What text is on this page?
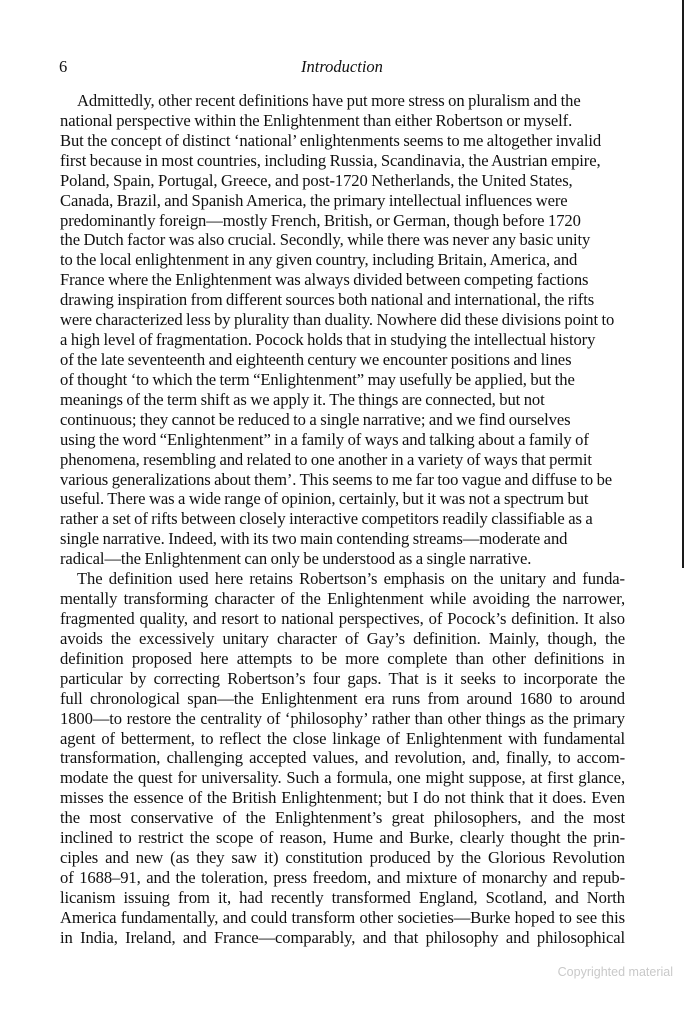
6	Introduction

Admittedly, other recent definitions have put more stress on pluralism and the
national perspective within the Enlightenment than either Robertson or myself.
But the concept of distinct ‘national’ enlightenments seems to me altogether invalid
first because in most countries, including Russia, Scandinavia, the Austrian empire,
Poland, Spain, Portugal, Greece, and post-1720 Netherlands, the United States,
Canada, Brazil, and Spanish America, the primary intellectual influences were
predominantly foreign—mostly French, British, or German, though before 1720
the Dutch factor was also crucial. Secondly, while there was never any basic unity
to the local enlightenment in any given country, including Britain, America, and
France where the Enlightenment was always divided between competing factions
drawing inspiration from different sources both national and international, the rifts
were characterized less by plurality than duality. Nowhere did these divisions point to
a high level of fragmentation. Pocock holds that in studying the intellectual history
of the late seventeenth and eighteenth century we encounter positions and lines
of thought ‘to which the term “Enlightenment” may usefully be applied, but the
meanings of the term shift as we apply it. The things are connected, but not
continuous; they cannot be reduced to a single narrative; and we find ourselves
using the word “Enlightenment” in a family of ways and talking about a family of
phenomena, resembling and related to one another in a variety of ways that permit
various generalizations about them’. This seems to me far too vague and diffuse to be
useful. There was a wide range of opinion, certainly, but it was not a spectrum but
rather a set of rifts between closely interactive competitors readily classifiable as a
single narrative. Indeed, with its two main contending streams—moderate and
radical—the Enlightenment can only be understood as a single narrative.

The definition used here retains Robertson’s emphasis on the unitary and funda-
mentally transforming character of the Enlightenment while avoiding the narrower,
fragmented quality, and resort to national perspectives, of Pocock’s definition. It also
avoids the excessively unitary character of Gay’s definition. Mainly, though, the
definition proposed here attempts to be more complete than other definitions in
particular by correcting Robertson’s four gaps. That is it seeks to incorporate the
full chronological span—the Enlightenment era runs from around 1680 to around
1800—to restore the centrality of ‘philosophy’ rather than other things as the primary
agent of betterment, to reflect the close linkage of Enlightenment with fundamental
transformation, challenging accepted values, and revolution, and, finally, to accom-
modate the quest for universality. Such a formula, one might suppose, at first glance,
misses the essence of the British Enlightenment; but I do not think that it does. Even
the most conservative of the Enlightenment’s great philosophers, and the most
inclined to restrict the scope of reason, Hume and Burke, clearly thought the prin-
ciples and new (as they saw it) constitution produced by the Glorious Revolution
of 1688–91, and the toleration, press freedom, and mixture of monarchy and repub-
licanism issuing from it, had recently transformed England, Scotland, and North
America fundamentally, and could transform other societies—Burke hoped to see this
in India, Ireland, and France—comparably, and that philosophy and philosophical

Copyrighted material
